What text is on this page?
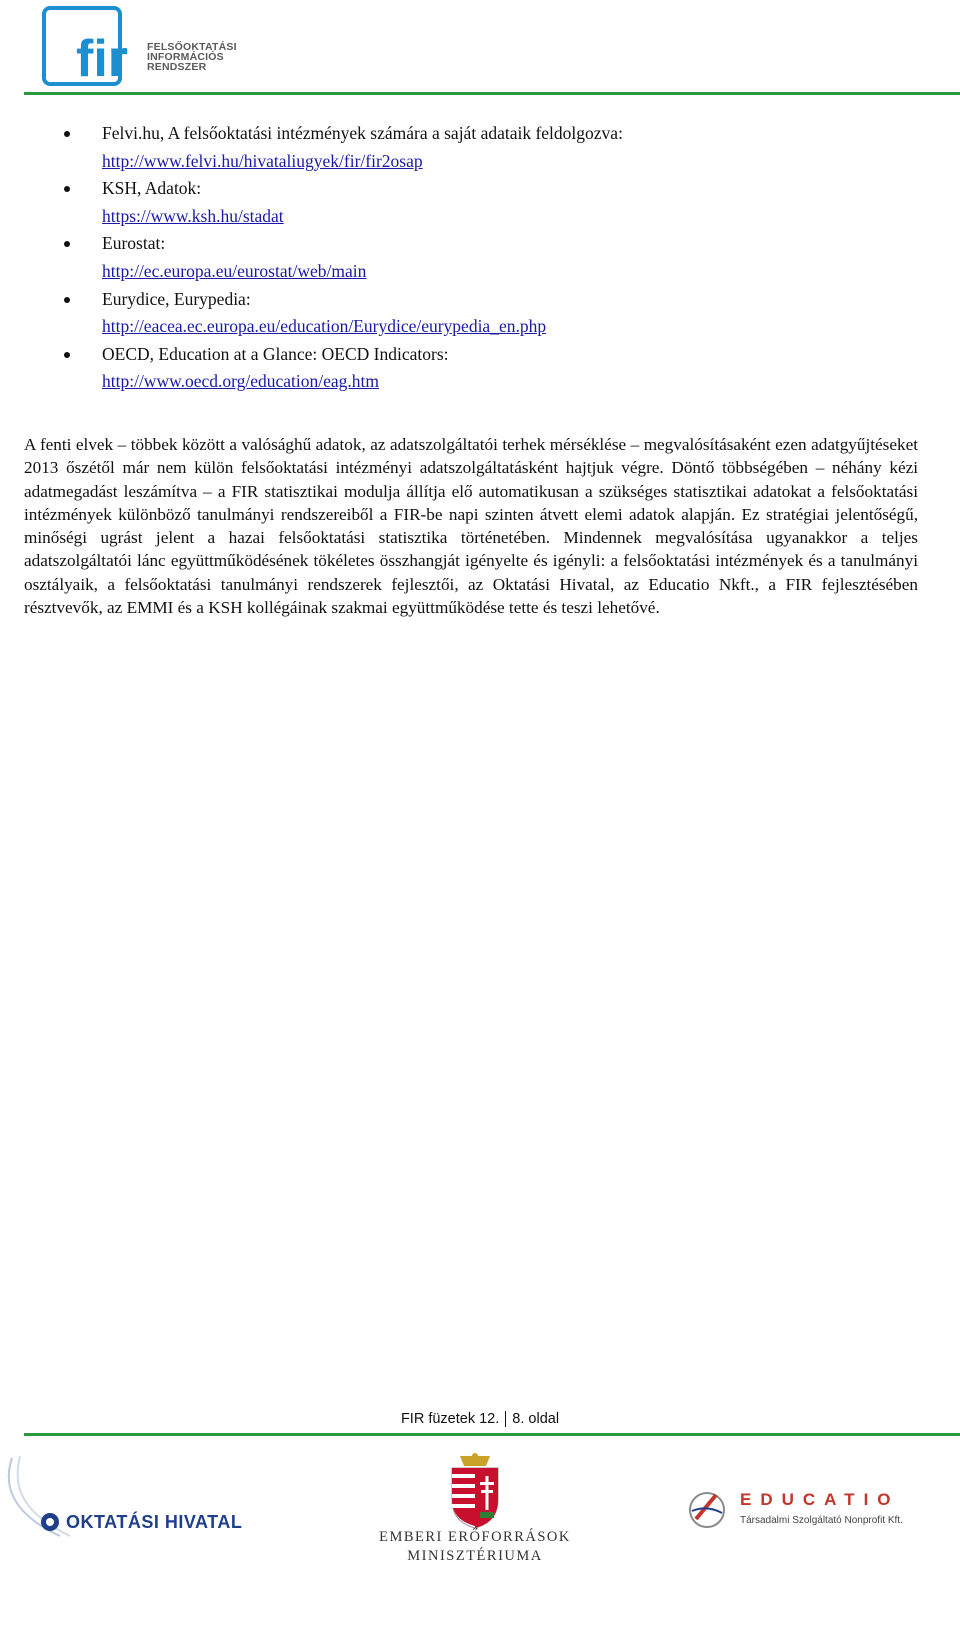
fir FELSŐOKTATÁSI
INFORMÁCIÓS
RENDSZER
Felvi.hu, A felsőoktatási intézmények számára a saját adataik feldolgozva:
http://www.felvi.hu/hivataliugyek/fir/fir2osap
KSH, Adatok:
https://www.ksh.hu/stadat
Eurostat:
http://ec.europa.eu/eurostat/web/main
Eurydice, Eurypedia:
http://eacea.ec.europa.eu/education/Eurydice/eurypedia_en.php
OECD, Education at a Glance: OECD Indicators:
http://www.oecd.org/education/eag.htm

A fenti elvek – többek között a valósághű adatok, az adatszolgáltatói terhek mérséklése – megvalósításaként ezen adatgyűjtéseket 2013 őszétől már nem külön felsőoktatási intézményi adatszolgáltatásként hajtjuk végre. Döntő többségében – néhány kézi adatmegadást leszámítva – a FIR statisztikai modulja állítja elő automatikusan a szükséges statisztikai adatokat a felsőoktatási intézmények különböző tanulmányi rendszereiből a FIR-be napi szinten átvett elemi adatok alapján. Ez stratégiai jelentőségű, minőségi ugrást jelent a hazai felsőoktatási statisztika történetében. Mindennek megvalósítása ugyanakkor a teljes adatszolgáltatói lánc együttműködésének tökéletes összhangját igényelte és igényli: a felsőoktatási intézmények és a tanulmányi osztályaik, a felsőoktatási tanulmányi rendszerek fejlesztői, az Oktatási Hivatal, az Educatio Nkft., a FIR fejlesztésében résztvevők, az EMMI és a KSH kollégáinak szakmai együttműködése tette és teszi lehetővé.

FIR füzetek 12. 8. oldal
OKTATÁSI HIVATAL
EMBERI ERŐFORRÁSOK
MINISZTÉRIUMA
EDUCATIO
Társadalmi Szolgáltató Nonprofit Kft.
